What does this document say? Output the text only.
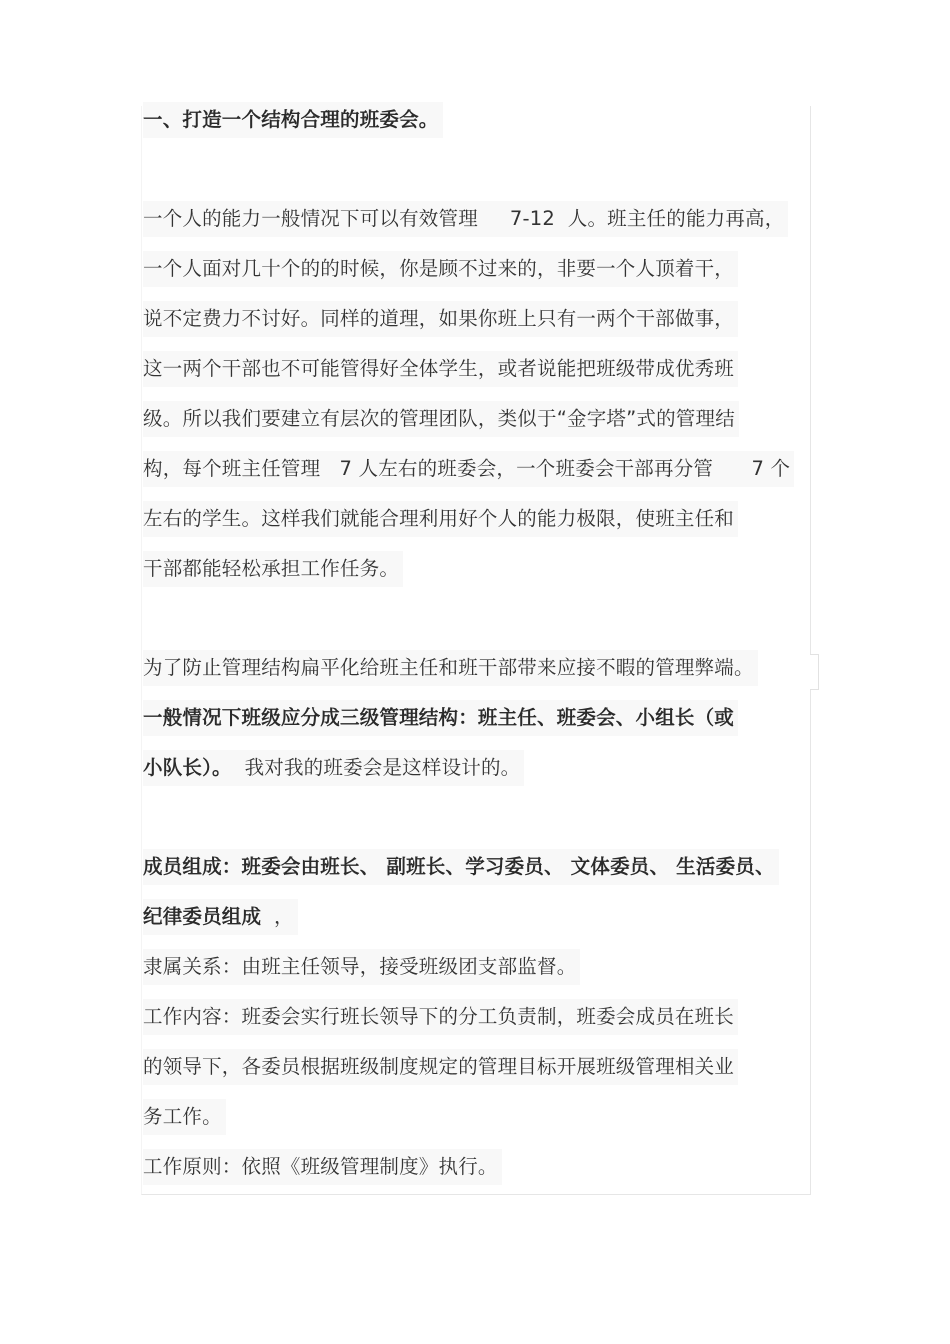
一、打造一个结构合理的班委会。
一个人的能力一般情况下可以有效管理     7-12  人。班主任的能力再高，
一个人面对几十个的的时候，你是顾不过来的，非要一个人顶着干，
说不定费力不讨好。同样的道理，如果你班上只有一两个干部做事，
这一两个干部也不可能管得好全体学生，或者说能把班级带成优秀班
级。所以我们要建立有层次的管理团队，类似于“金字塔”式的管理结
构，每个班主任管理   7 人左右的班委会，一个班委会干部再分管      7 个
左右的学生。这样我们就能合理利用好个人的能力极限，使班主任和
干部都能轻松承担工作任务。
为了防止管理结构扁平化给班主任和班干部带来应接不暇的管理弊端。
一般情况下班级应分成三级管理结构：班主任、班委会、小组长（或
小队长）。  我对我的班委会是这样设计的。
成员组成：班委会由班长、 副班长、学习委员、 文体委员、 生活委员、
纪律委员组成  ，
隶属关系：由班主任领导，接受班级团支部监督。
工作内容：班委会实行班长领导下的分工负责制，班委会成员在班长
的领导下，各委员根据班级制度规定的管理目标开展班级管理相关业
务工作。
工作原则：依照《班级管理制度》执行。
